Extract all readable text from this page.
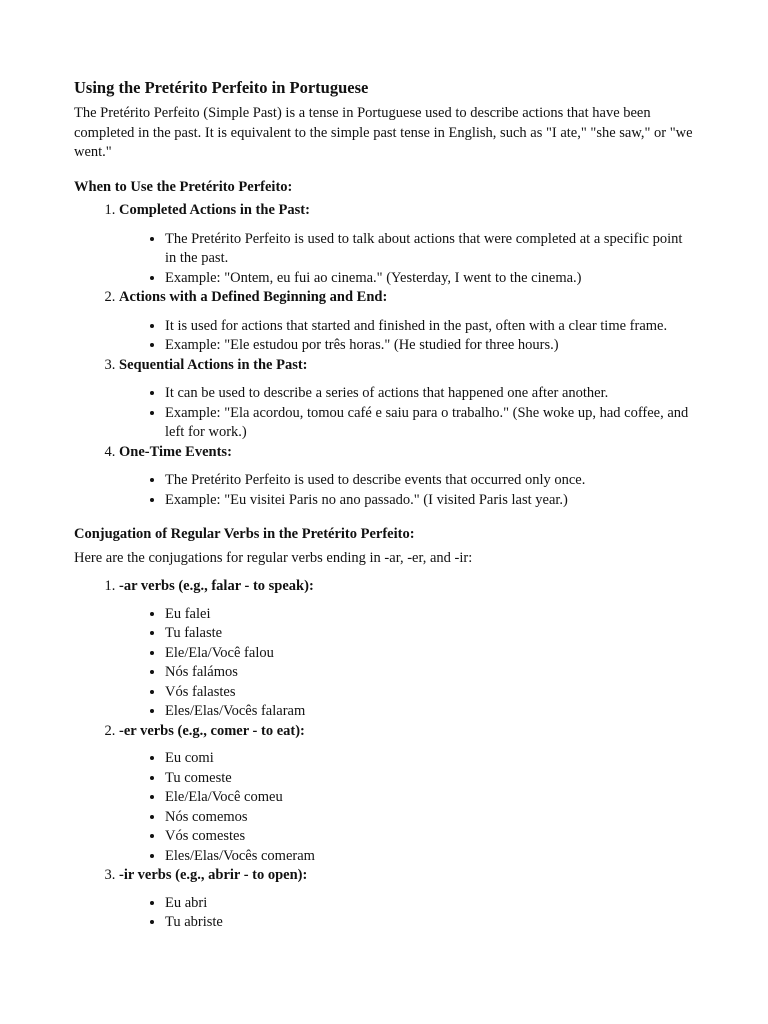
Using the Pretérito Perfeito in Portuguese

The Pretérito Perfeito (Simple Past) is a tense in Portuguese used to describe actions that have been completed in the past. It is equivalent to the simple past tense in English, such as "I ate," "she saw," or "we went."

When to Use the Pretérito Perfeito:
1. Completed Actions in the Past:
• The Pretérito Perfeito is used to talk about actions that were completed at a specific point in the past.
• Example: "Ontem, eu fui ao cinema." (Yesterday, I went to the cinema.)
2. Actions with a Defined Beginning and End:
• It is used for actions that started and finished in the past, often with a clear time frame.
• Example: "Ele estudou por três horas." (He studied for three hours.)
3. Sequential Actions in the Past:
• It can be used to describe a series of actions that happened one after another.
• Example: "Ela acordou, tomou café e saiu para o trabalho." (She woke up, had coffee, and left for work.)
4. One-Time Events:
• The Pretérito Perfeito is used to describe events that occurred only once.
• Example: "Eu visitei Paris no ano passado." (I visited Paris last year.)
Conjugation of Regular Verbs in the Pretérito Perfeito:

Here are the conjugations for regular verbs ending in -ar, -er, and -ir:

1. -ar verbs (e.g., falar - to speak):
• Eu falei
• Tu falaste
• Ele/Ela/Você falou
• Nós falámos
• Vós falastes
• Eles/Elas/Vocês falaram
2. -er verbs (e.g., comer - to eat):
• Eu comi
• Tu comeste
• Ele/Ela/Você comeu
• Nós comemos
• Vós comestes
• Eles/Elas/Vocês comeram
3. -ir verbs (e.g., abrir - to open):
• Eu abri
• Tu abriste
